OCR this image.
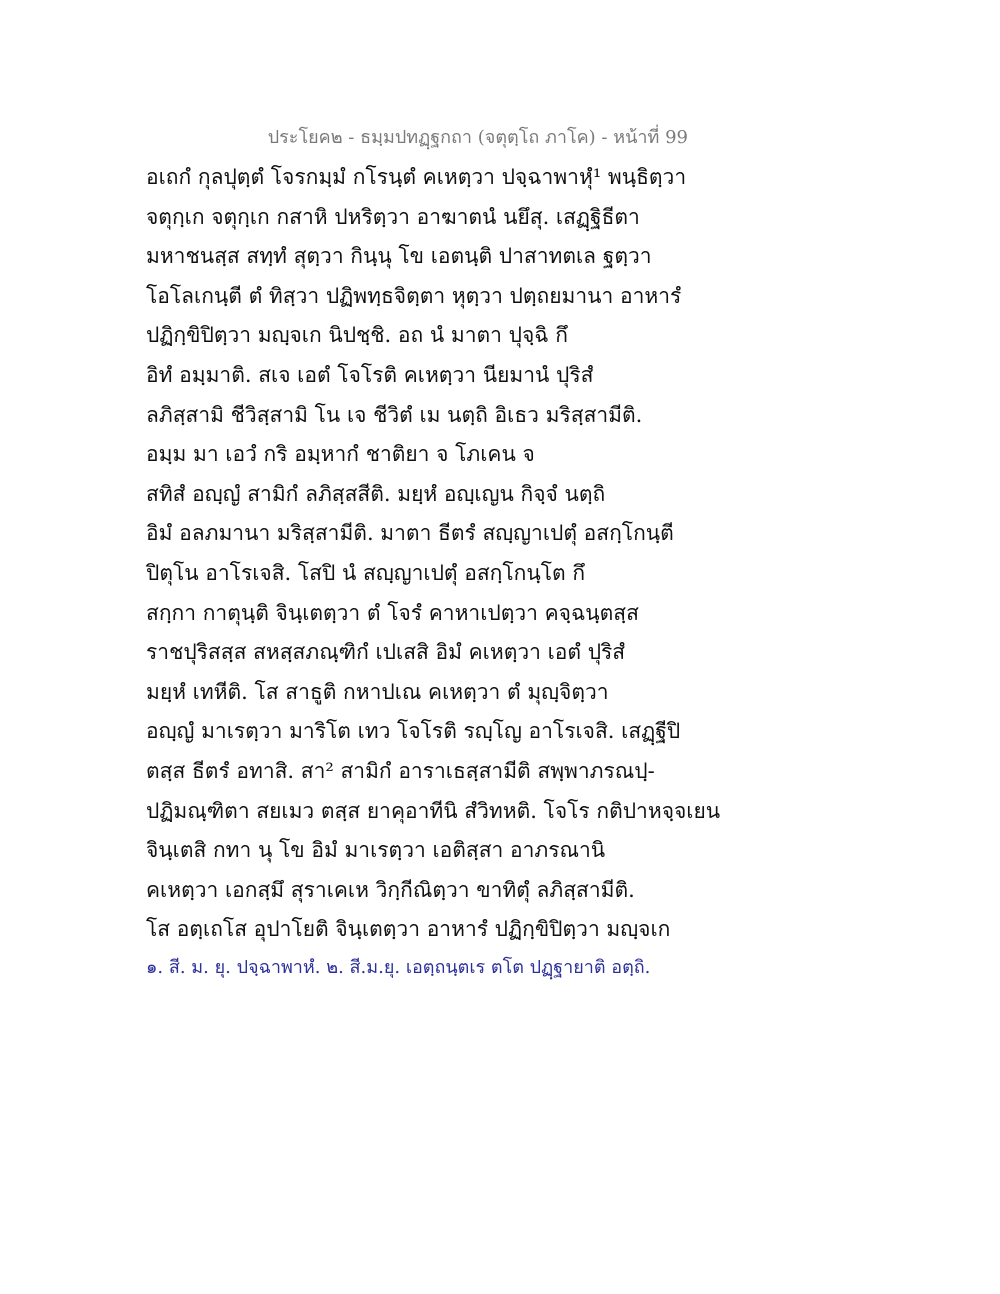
ประโยค๒ - ธมฺมปทฏฺฐกถา (จตุตฺโถ ภาโค) - หน้าที่ 99
อเถกํ กุลปุตฺตํ โจรกมฺมํ กโรนฺตํ คเหตฺวา ปจฺฉาพาหุํ¹ พนฺธิตฺวา
จตุกฺเก จตุกฺเก กสาหิ ปหริตฺวา อาฆาตนํ นยึสุ. เสฏฺฐิธีตา
มหาชนสฺส สทฺทํ สุตฺวา กินฺนุ โข เอตนฺติ ปาสาทตเล ฐตฺวา
โอโลเกนฺตี ตํ ทิสฺวา ปฏิพทฺธจิตฺตา หุตฺวา ปตฺถยมานา อาหารํ
ปฏิกฺขิปิตฺวา มญฺจเก นิปชฺชิ. อถ นํ มาตา ปุจฺฉิ กึ
อิทํ อมฺมาติ. สเจ เอตํ โจโรติ คเหตฺวา นียมานํ ปุริสํ
ลภิสฺสามิ ชีวิสฺสามิ โน เจ ชีวิตํ เม นตฺถิ อิเธว มริสฺสามีติ.
อมฺม มา เอวํ กริ อมฺหากํ ชาติยา จ โภเคน จ
สทิสํ อญฺญํ สามิกํ ลภิสฺสสีติ. มยฺหํ อญฺเญน กิจฺจํ นตฺถิ
อิมํ อลภมานา มริสฺสามีติ. มาตา ธีตรํ สญฺญาเปตุํ อสกฺโกนฺตี
ปิตุโน อาโรเจสิ. โสปิ นํ สญฺญาเปตุํ อสกฺโกนฺโต กึ
สกฺกา กาตุนฺติ จินฺเตตฺวา ตํ โจรํ คาหาเปตฺวา คจฺฉนฺตสฺส
ราชปุริสสฺส สหสฺสภณฺฑิกํ เปเสสิ อิมํ คเหตฺวา เอตํ ปุริสํ
มยฺหํ เทหีติ. โส สาธูติ กหาปเณ คเหตฺวา ตํ มุญฺจิตฺวา
อญฺญํ มาเรตฺวา มาริโต เทว โจโรติ รญฺโญ อาโรเจสิ. เสฏฺฐีปิ
ตสฺส ธีตรํ อทาสิ. สา² สามิกํ อาราเธสฺสามีติ สพฺพาภรณปฺ-
ปฏิมณฺฑิตา สยเมว ตสฺส ยาคุอาทีนิ สํวิทหติ. โจโร กติปาหจฺจเยน
จินฺเตสิ กทา นุ โข อิมํ มาเรตฺวา เอติสฺสา อาภรณานิ
คเหตฺวา เอกสฺมึ สุราเคเห วิกฺกีณิตฺวา ขาทิตุํ ลภิสฺสามีติ.
โส อตฺเถโส อุปาโยติ จินฺเตตฺวา อาหารํ ปฏิกฺขิปิตฺวา มญฺจเก
๑. สี. ม. ยุ. ปจฺฉาพาหํ. ๒. สี.ม.ยุ. เอตฺถนฺตเร ตโต ปฏฺฐายาติ อตฺถิ.
